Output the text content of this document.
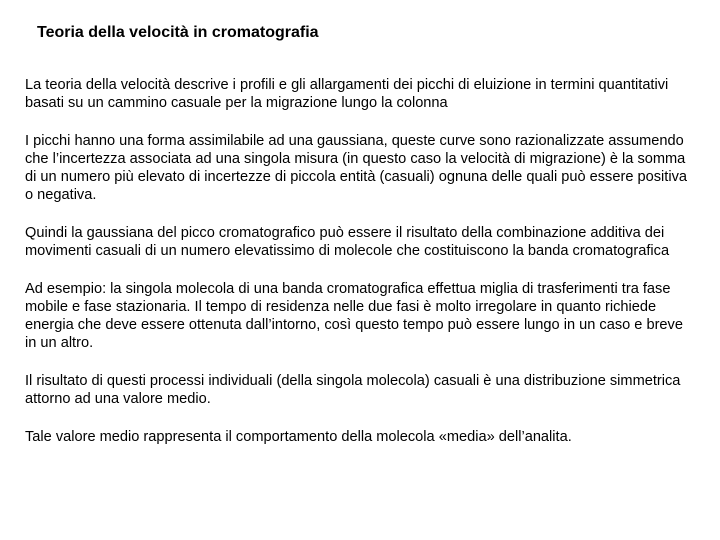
Teoria della velocità in cromatografia

La teoria della velocità descrive i profili e gli allargamenti dei picchi di eluizione in termini quantitativi basati su un cammino casuale per la migrazione lungo la colonna

I picchi hanno una forma assimilabile ad una gaussiana, queste curve sono razionalizzate assumendo che l’incertezza associata ad una singola misura (in questo caso la velocità di migrazione) è la somma di un numero più elevato di incertezze di piccola entità (casuali) ognuna delle quali può essere positiva o negativa.

Quindi la gaussiana del picco cromatografico può essere il risultato della combinazione additiva dei movimenti casuali di un numero elevatissimo di molecole che costituiscono la banda cromatografica

Ad esempio: la singola molecola di una banda cromatografica effettua miglia di trasferimenti tra fase mobile e fase stazionaria. Il tempo di residenza nelle due fasi è molto irregolare in quanto richiede energia che deve essere ottenuta dall’intorno, così questo tempo può essere lungo in un caso e breve in un altro.

Il risultato di questi processi individuali (della singola molecola) casuali è una distribuzione simmetrica attorno ad una valore medio.

Tale valore medio rappresenta il comportamento della molecola «media» dell’analita.
